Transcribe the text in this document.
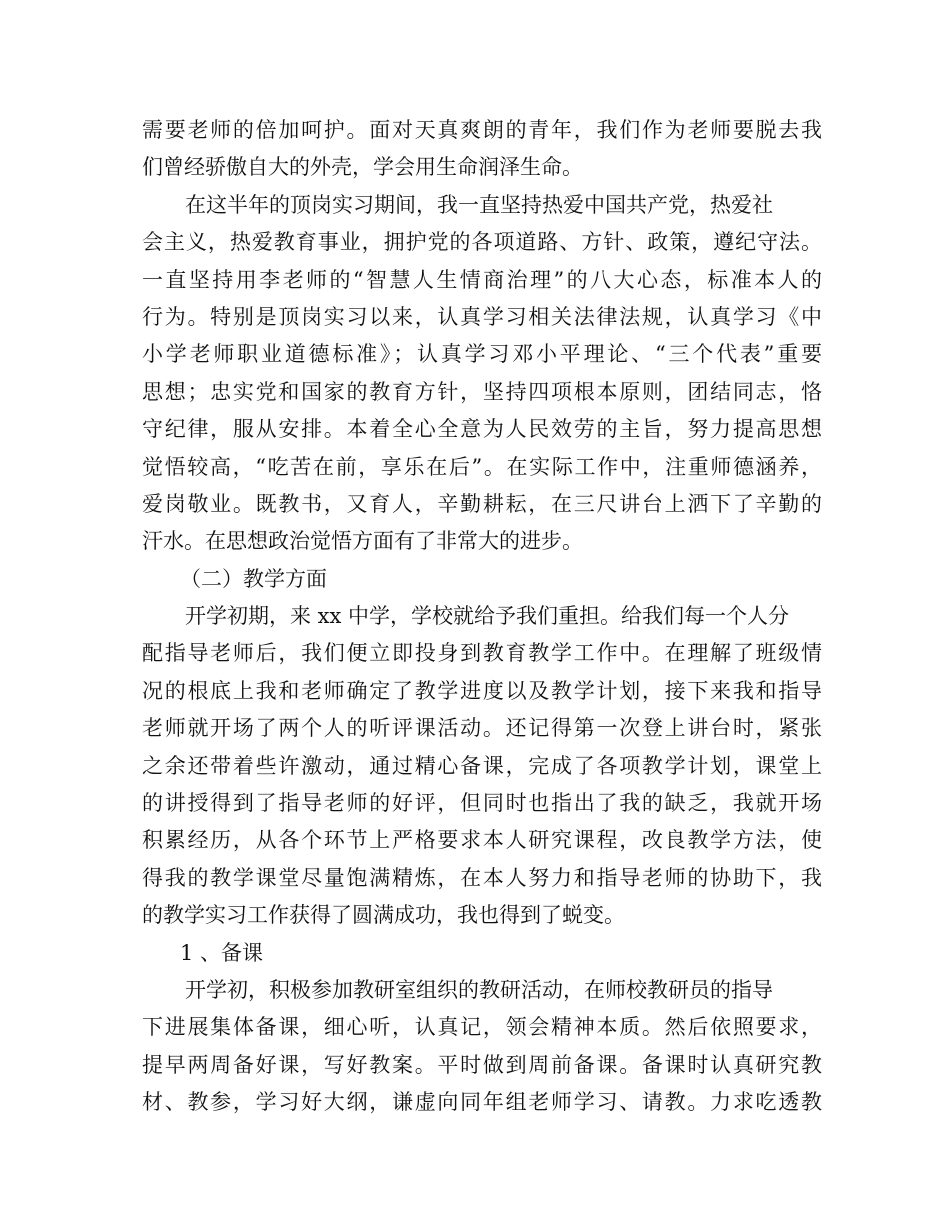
需要老师的倍加呵护。面对天真爽朗的青年，我们作为老师要脱去我
们曾经骄傲自大的外壳，学会用生命润泽生命。
在这半年的顶岗实习期间，我一直坚持热爱中国共产党，热爱社
会主义，热爱教育事业，拥护党的各项道路、方针、政策，遵纪守法。
一直坚持用李老师的“智慧人生情商治理”的八大心态，标准本人的
行为。特别是顶岗实习以来，认真学习相关法律法规，认真学习《中
小学老师职业道德标准》；认真学习邓小平理论、“三个代表”重要
思想；忠实党和国家的教育方针，坚持四项根本原则，团结同志，恪
守纪律，服从安排。本着全心全意为人民效劳的主旨，努力提高思想
觉悟较高，“吃苦在前，享乐在后”。在实际工作中，注重师德涵养，
爱岗敬业。既教书，又育人，辛勤耕耘，在三尺讲台上洒下了辛勤的
汗水。在思想政治觉悟方面有了非常大的进步。
（二）教学方面
开学初期，来 xx 中学，学校就给予我们重担。给我们每一个人分
配指导老师后，我们便立即投身到教育教学工作中。在理解了班级情
况的根底上我和老师确定了教学进度以及教学计划，接下来我和指导
老师就开场了两个人的听评课活动。还记得第一次登上讲台时，紧张
之余还带着些许激动，通过精心备课，完成了各项教学计划，课堂上
的讲授得到了指导老师的好评，但同时也指出了我的缺乏，我就开场
积累经历，从各个环节上严格要求本人研究课程，改良教学方法，使
得我的教学课堂尽量饱满精炼，在本人努力和指导老师的协助下，我
的教学实习工作获得了圆满成功，我也得到了蜕变。
1 、备课
开学初，积极参加教研室组织的教研活动，在师校教研员的指导
下进展集体备课，细心听，认真记，领会精神本质。然后依照要求，
提早两周备好课，写好教案。平时做到周前备课。备课时认真研究教
材、教参，学习好大纲，谦虚向同年组老师学习、请教。力求吃透教
